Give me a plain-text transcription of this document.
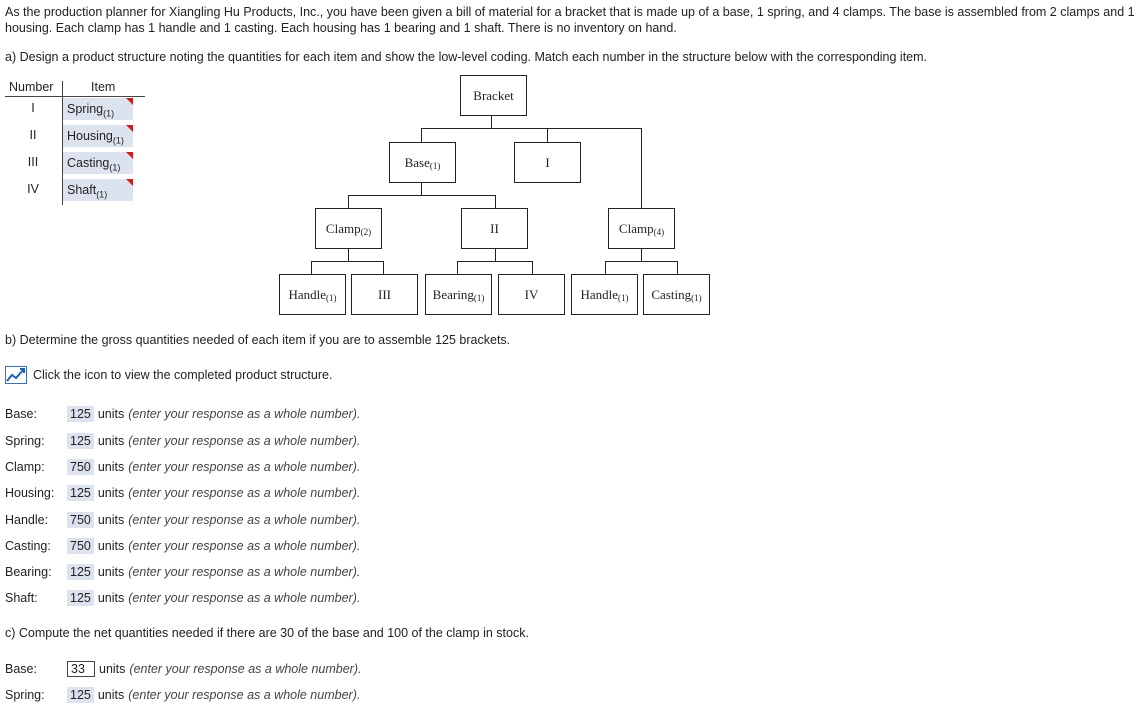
As the production planner for Xiangling Hu Products, Inc., you have been given a bill of material for a bracket that is made up of a base, 1 spring, and 4 clamps. The base is assembled from 2 clamps and 1 housing. Each clamp has 1 handle and 1 casting. Each housing has 1 bearing and 1 shaft. There is no inventory on hand.
a) Design a product structure noting the quantities for each item and show the low-level coding. Match each number in the structure below with the corresponding item.
Number	Item
I	Spring$_{(1)}$
II	Housing$_{(1)}$
III	Casting$_{(1)}$
IV	Shaft$_{(1)}$
Bracket
Base$_{(1)}$	I
Clamp$_{(2)}$	II	Clamp$_{(4)}$
Handle$_{(1)}$	III	Bearing$_{(1)}$	IV	Handle$_{(1)}$ Casting$_{(1)}$
b) Determine the gross quantities needed of each item if you are to assemble 125 brackets.
Click the icon to view the completed product structure.
Base:	125 units (enter your response as a whole number).
Spring:	125 units (enter your response as a whole number).
Clamp:	750 units (enter your response as a whole number).
Housing:	125 units (enter your response as a whole number).
Handle:	750 units (enter your response as a whole number).
Casting:	750 units (enter your response as a whole number).
Bearing:	125 units (enter your response as a whole number).
Shaft:	125 units (enter your response as a whole number).
c) Compute the net quantities needed if there are 30 of the base and 100 of the clamp in stock.
Base:	33	units (enter your response as a whole number).
Spring:	125 units (enter your response as a whole number).
